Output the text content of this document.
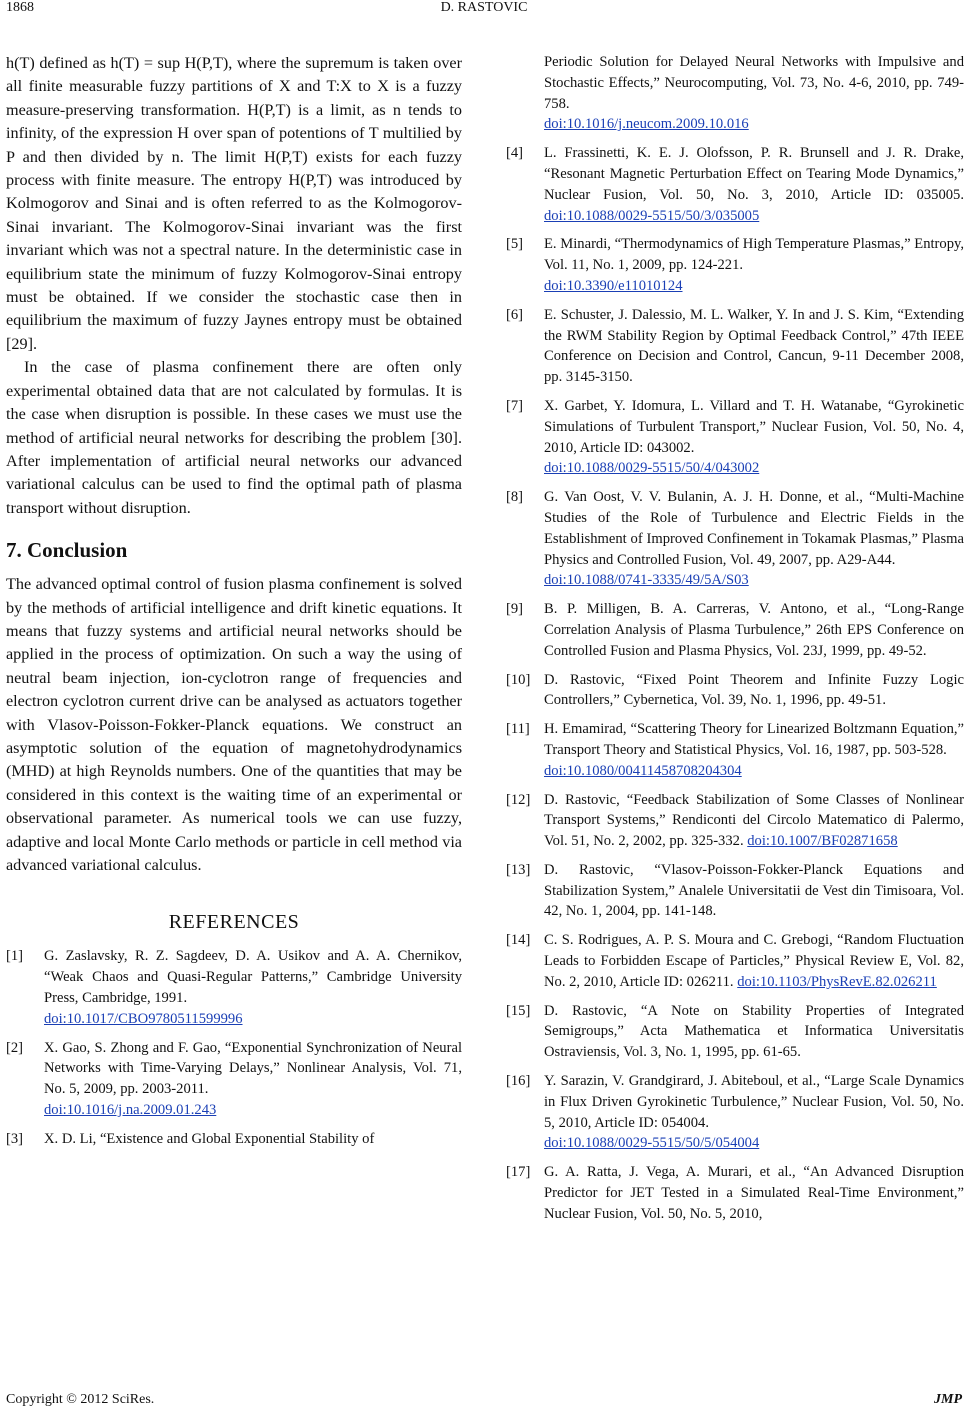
1868	D. RASTOVIC

h(T) defined as h(T) = sup H(P,T), where the supremum is taken over all finite measurable fuzzy partitions of X and T:X to X is a fuzzy measure-preserving transformation. H(P,T) is a limit, as n tends to infinity, of the expression H over span of potentions of T multilied by P and then divided by n. The limit H(P,T) exists for each fuzzy process with finite measure. The entropy H(P,T) was introduced by Kolmogorov and Sinai and is often referred to as the Kolmogorov-Sinai invariant. The Kolmogorov-Sinai invariant was the first invariant which was not a spectral nature. In the deterministic case in equilibrium state the minimum of fuzzy Kolmogorov-Sinai entropy must be obtained. If we consider the stochastic case then in equilibrium the maximum of fuzzy Jaynes entropy must be obtained [29].

In the case of plasma confinement there are often only experimental obtained data that are not calculated by formulas. It is the case when disruption is possible. In these cases we must use the method of artificial neural networks for describing the problem [30]. After implementation of artificial neural networks our advanced variational calculus can be used to find the optimal path of plasma transport without disruption.

7. Conclusion

The advanced optimal control of fusion plasma confinement is solved by the methods of artificial intelligence and drift kinetic equations. It means that fuzzy systems and artificial neural networks should be applied in the process of optimization. On such a way the using of neutral beam injection, ion-cyclotron range of frequencies and electron cyclotron current drive can be analysed as actuators together with Vlasov-Poisson-Fokker-Planck equations. We construct an asymptotic solution of the equation of magnetohydrodynamics (MHD) at high Reynolds numbers. One of the quantities that may be considered in this context is the waiting time of an experimental or observational parameter. As numerical tools we can use fuzzy, adaptive and local Monte Carlo methods or particle in cell method via advanced variational calculus.

REFERENCES
[1] G. Zaslavsky, R. Z. Sagdeev, D. A. Usikov and A. A. Chernikov, “Weak Chaos and Quasi-Regular Patterns,” Cambridge University Press, Cambridge, 1991.
doi:10.1017/CBO9780511599996
[2] X. Gao, S. Zhong and F. Gao, “Exponential Synchronization of Neural Networks with Time-Varying Delays,” Nonlinear Analysis, Vol. 71, No. 5, 2009, pp. 2003-2011.
doi:10.1016/j.na.2009.01.243
[3] X. D. Li, “Existence and Global Exponential Stability of
Periodic Solution for Delayed Neural Networks with Impulsive and Stochastic Effects,” Neurocomputing, Vol. 73, No. 4-6, 2010, pp. 749-758.
doi:10.1016/j.neucom.2009.10.016
[4] L. Frassinetti, K. E. J. Olofsson, P. R. Brunsell and J. R. Drake, “Resonant Magnetic Perturbation Effect on Tearing Mode Dynamics,” Nuclear Fusion, Vol. 50, No. 3, 2010, Article ID: 035005. doi:10.1088/0029-5515/50/3/035005
[5] E. Minardi, “Thermodynamics of High Temperature Plasmas,” Entropy, Vol. 11, No. 1, 2009, pp. 124-221.
doi:10.3390/e11010124
[6] E. Schuster, J. Dalessio, M. L. Walker, Y. In and J. S. Kim, “Extending the RWM Stability Region by Optimal Feedback Control,” 47th IEEE Conference on Decision and Control, Cancun, 9-11 December 2008, pp. 3145-3150.
[7] X. Garbet, Y. Idomura, L. Villard and T. H. Watanabe, “Gyrokinetic Simulations of Turbulent Transport,” Nuclear Fusion, Vol. 50, No. 4, 2010, Article ID: 043002.
doi:10.1088/0029-5515/50/4/043002
[8] G. Van Oost, V. V. Bulanin, A. J. H. Donne, et al., “Multi-Machine Studies of the Role of Turbulence and Electric Fields in the Establishment of Improved Confinement in Tokamak Plasmas,” Plasma Physics and Controlled Fusion, Vol. 49, 2007, pp. A29-A44.
doi:10.1088/0741-3335/49/5A/S03
[9] B. P. Milligen, B. A. Carreras, V. Antono, et al., “Long-Range Correlation Analysis of Plasma Turbulence,” 26th EPS Conference on Controlled Fusion and Plasma Physics, Vol. 23J, 1999, pp. 49-52.
[10] D. Rastovic, “Fixed Point Theorem and Infinite Fuzzy Logic Controllers,” Cybernetica, Vol. 39, No. 1, 1996, pp. 49-51.
[11] H. Emamirad, “Scattering Theory for Linearized Boltzmann Equation,” Transport Theory and Statistical Physics, Vol. 16, 1987, pp. 503-528.
doi:10.1080/00411458708204304
[12] D. Rastovic, “Feedback Stabilization of Some Classes of Nonlinear Transport Systems,” Rendiconti del Circolo Matematico di Palermo, Vol. 51, No. 2, 2002, pp. 325-332. doi:10.1007/BF02871658
[13] D. Rastovic, “Vlasov-Poisson-Fokker-Planck Equations and Stabilization System,” Analele Universitatii de Vest din Timisoara, Vol. 42, No. 1, 2004, pp. 141-148.
[14] C. S. Rodrigues, A. P. S. Moura and C. Grebogi, “Random Fluctuation Leads to Forbidden Escape of Particles,” Physical Review E, Vol. 82, No. 2, 2010, Article ID: 026211. doi:10.1103/PhysRevE.82.026211
[15] D. Rastovic, “A Note on Stability Properties of Integrated Semigroups,” Acta Mathematica et Informatica Universitatis Ostraviensis, Vol. 3, No. 1, 1995, pp. 61-65.
[16] Y. Sarazin, V. Grandgirard, J. Abiteboul, et al., “Large Scale Dynamics in Flux Driven Gyrokinetic Turbulence,” Nuclear Fusion, Vol. 50, No. 5, 2010, Article ID: 054004.
doi:10.1088/0029-5515/50/5/054004
[17] G. A. Ratta, J. Vega, A. Murari, et al., “An Advanced Disruption Predictor for JET Tested in a Simulated Real-Time Environment,” Nuclear Fusion, Vol. 50, No. 5, 2010,
Copyright © 2012 SciRes.	JMP
